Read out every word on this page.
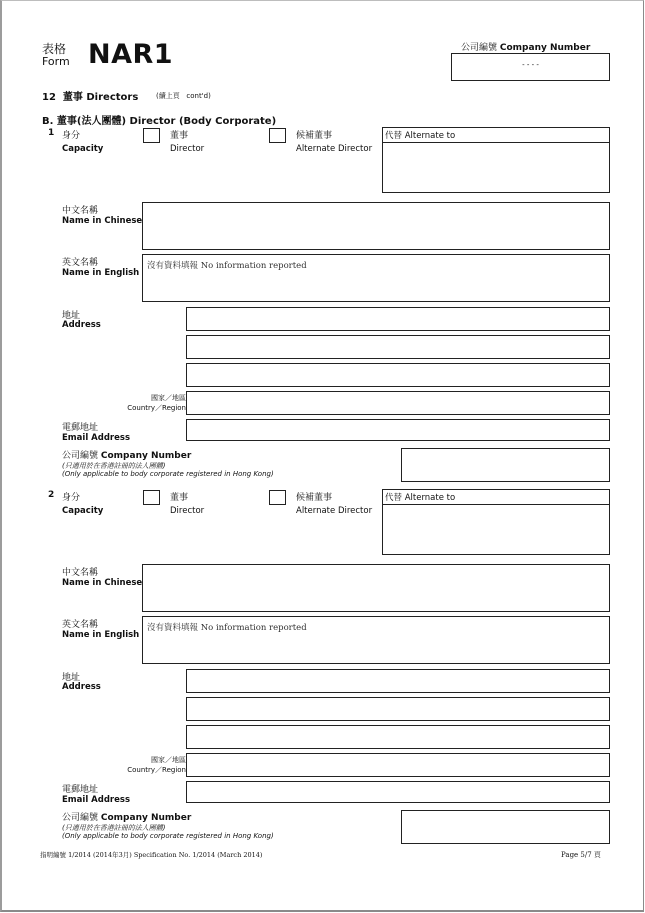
表格
Form NAR1	公司編號 Company Number
- - - -
12 董事 Directors	(續上頁 cont'd)
B. 董事(法人團體) Director (Body Corporate)
1 身分
Capacity
董事
Director
候補董事
Alternate Director
代替 Alternate to
中文名稱
Name in Chinese
英文名稱
Name in English
沒有資料填報 No information reported
地址
Address
國家／地區
Country／Region
電郵地址
Email Address
公司編號 Company Number
(只適用於在香港註冊的法人團體)
(Only applicable to body corporate registered in Hong Kong)
2 身分
Capacity
董事
Director
候補董事
Alternate Director
代替 Alternate to
中文名稱
Name in Chinese
英文名稱
Name in English
沒有資料填報 No information reported
地址
Address
國家／地區
Country／Region
電郵地址
Email Address
公司編號 Company Number
(只適用於在香港註冊的法人團體)
(Only applicable to body corporate registered in Hong Kong)
指明編號 1/2014 (2014年3月) Specification No. 1/2014 (March 2014)	Page 5/7 頁
